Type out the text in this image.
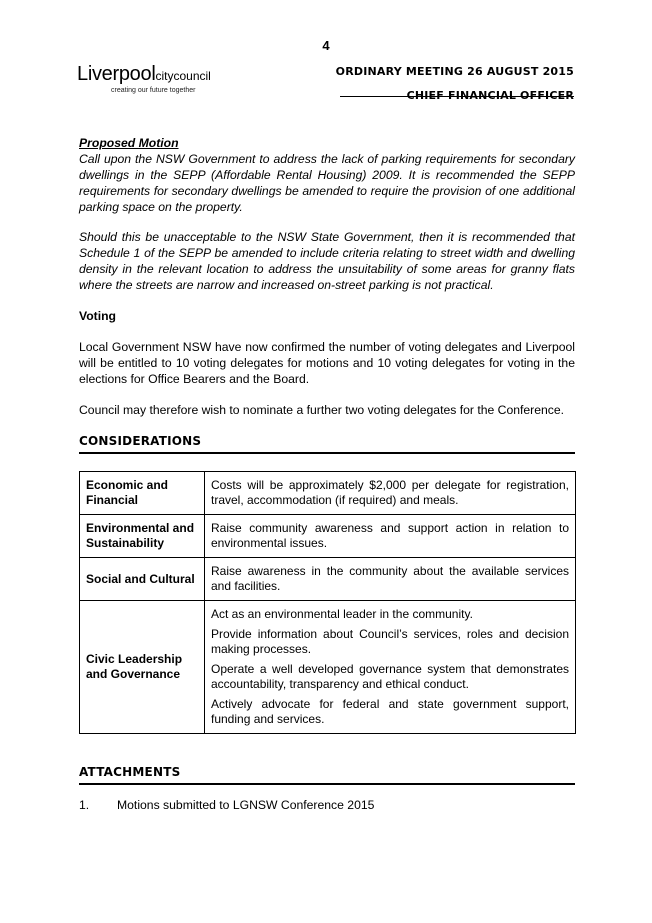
4
Liverpoolcitycouncil
creating our future together
ORDINARY MEETING 26 AUGUST 2015
CHIEF FINANCIAL OFFICER
Proposed Motion

Call upon the NSW Government to address the lack of parking requirements for secondary dwellings in the SEPP (Affordable Rental Housing) 2009. It is recommended the SEPP requirements for secondary dwellings be amended to require the provision of one additional parking space on the property.

Should this be unacceptable to the NSW State Government, then it is recommended that Schedule 1 of the SEPP be amended to include criteria relating to street width and dwelling density in the relevant location to address the unsuitability of some areas for granny flats where the streets are narrow and increased on-street parking is not practical.

Voting

Local Government NSW have now confirmed the number of voting delegates and Liverpool will be entitled to 10 voting delegates for motions and 10 voting delegates for voting in the elections for Office Bearers and the Board.

Council may therefore wish to nominate a further two voting delegates for the Conference.

CONSIDERATIONS
Economic and Financial	Costs will be approximately $2,000 per delegate for registration, travel, accommodation (if required) and meals.
Environmental and Sustainability	Raise community awareness and support action in relation to environmental issues.
Social and Cultural	Raise awareness in the community about the available services and facilities.
Civic Leadership and Governance	Act as an environmental leader in the community.

Provide information about Council’s services, roles and decision making processes.

Operate a well developed governance system that demonstrates accountability, transparency and ethical conduct.

Actively advocate for federal and state government support, funding and services.

ATTACHMENTS
1. Motions submitted to LGNSW Conference 2015
